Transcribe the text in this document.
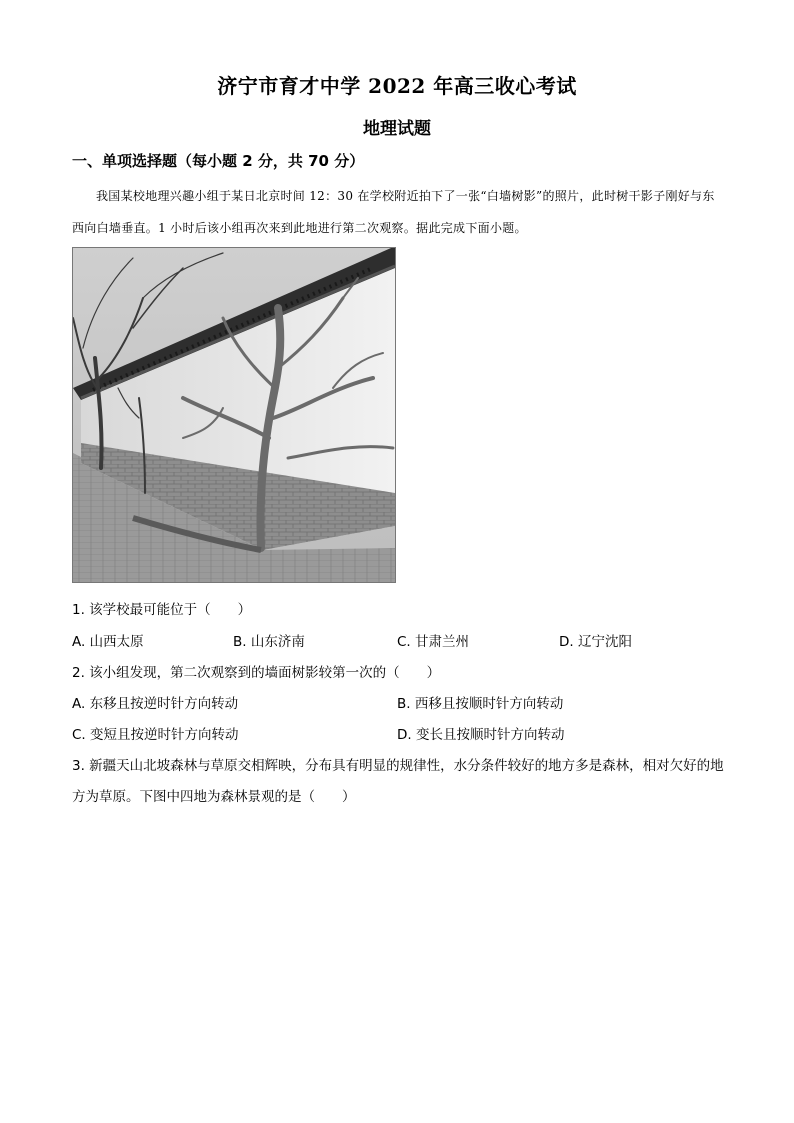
济宁市育才中学 2022 年高三收心考试
地理试题
一、单项选择题（每小题 2 分，共 70 分）
我国某校地理兴趣小组于某日北京时间 12：30 在学校附近拍下了一张“白墙树影”的照片，此时树干影子刚好与东西向白墙垂直。1 小时后该小组再次来到此地进行第二次观察。据此完成下面小题。
1. 该学校最可能位于（　　）
A. 山西太原	B. 山东济南	C. 甘肃兰州	D. 辽宁沈阳
2. 该小组发现，第二次观察到的墙面树影较第一次的（　　）
A. 东移且按逆时针方向转动	B. 西移且按顺时针方向转动
C. 变短且按逆时针方向转动	D. 变长且按顺时针方向转动
3. 新疆天山北坡森林与草原交相辉映，分布具有明显的规律性，水分条件较好的地方多是森林，相对欠好的地方为草原。下图中四地为森林景观的是（　　）
